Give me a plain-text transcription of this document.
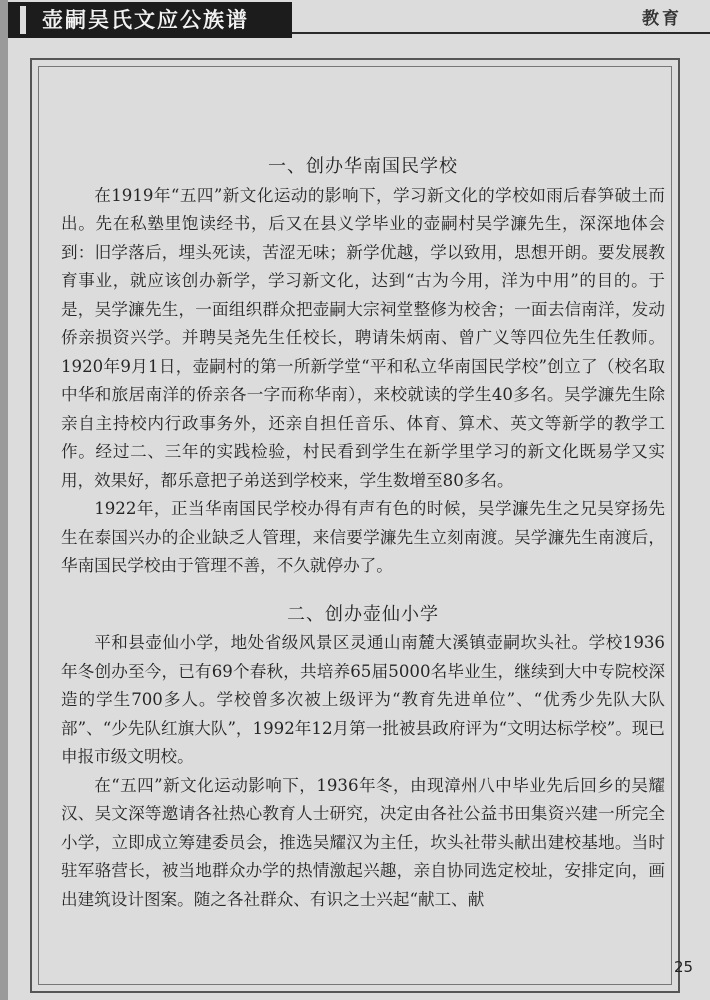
壶嗣吴氏文应公族谱	教育
一、创办华南国民学校

在1919年“五四”新文化运动的影响下，学习新文化的学校如雨后春笋破土而出。先在私塾里饱读经书，后又在县义学毕业的壶嗣村吴学濂先生，深深地体会到：旧学落后，埋头死读，苦涩无味；新学优越，学以致用，思想开朗。要发展教育事业，就应该创办新学，学习新文化，达到“古为今用，洋为中用”的目的。于是，吴学濂先生，一面组织群众把壶嗣大宗祠堂整修为校舍；一面去信南洋，发动侨亲损资兴学。并聘吴尧先生任校长，聘请朱炳南、曾广义等四位先生任教师。1920年9月1日，壶嗣村的第一所新学堂“平和私立华南国民学校”创立了（校名取中华和旅居南洋的侨亲各一字而称华南），来校就读的学生40多名。吴学濂先生除亲自主持校内行政事务外，还亲自担任音乐、体育、算术、英文等新学的教学工作。经过二、三年的实践检验，村民看到学生在新学里学习的新文化既易学又实用，效果好，都乐意把子弟送到学校来，学生数增至80多名。

1922年，正当华南国民学校办得有声有色的时候，吴学濂先生之兄吴穿扬先生在泰国兴办的企业缺乏人管理，来信要学濂先生立刻南渡。吴学濂先生南渡后，华南国民学校由于管理不善，不久就停办了。

二、创办壶仙小学

平和县壶仙小学，地处省级风景区灵通山南麓大溪镇壶嗣坎头社。学校1936年冬创办至今，已有69个春秋，共培养65届5000名毕业生，继续到大中专院校深造的学生700多人。学校曾多次被上级评为“教育先进单位”、“优秀少先队大队部”、“少先队红旗大队”，1992年12月第一批被县政府评为“文明达标学校”。现已申报市级文明校。

在“五四”新文化运动影响下，1936年冬，由现漳州八中毕业先后回乡的吴耀汉、吴文深等邀请各社热心教育人士研究，决定由各社公益书田集资兴建一所完全小学，立即成立筹建委员会，推选吴耀汉为主任，坎头社带头献出建校基地。当时驻军骆营长，被当地群众办学的热情激起兴趣，亲自协同选定校址，安排定向，画出建筑设计图案。随之各社群众、有识之士兴起“献工、献

25
